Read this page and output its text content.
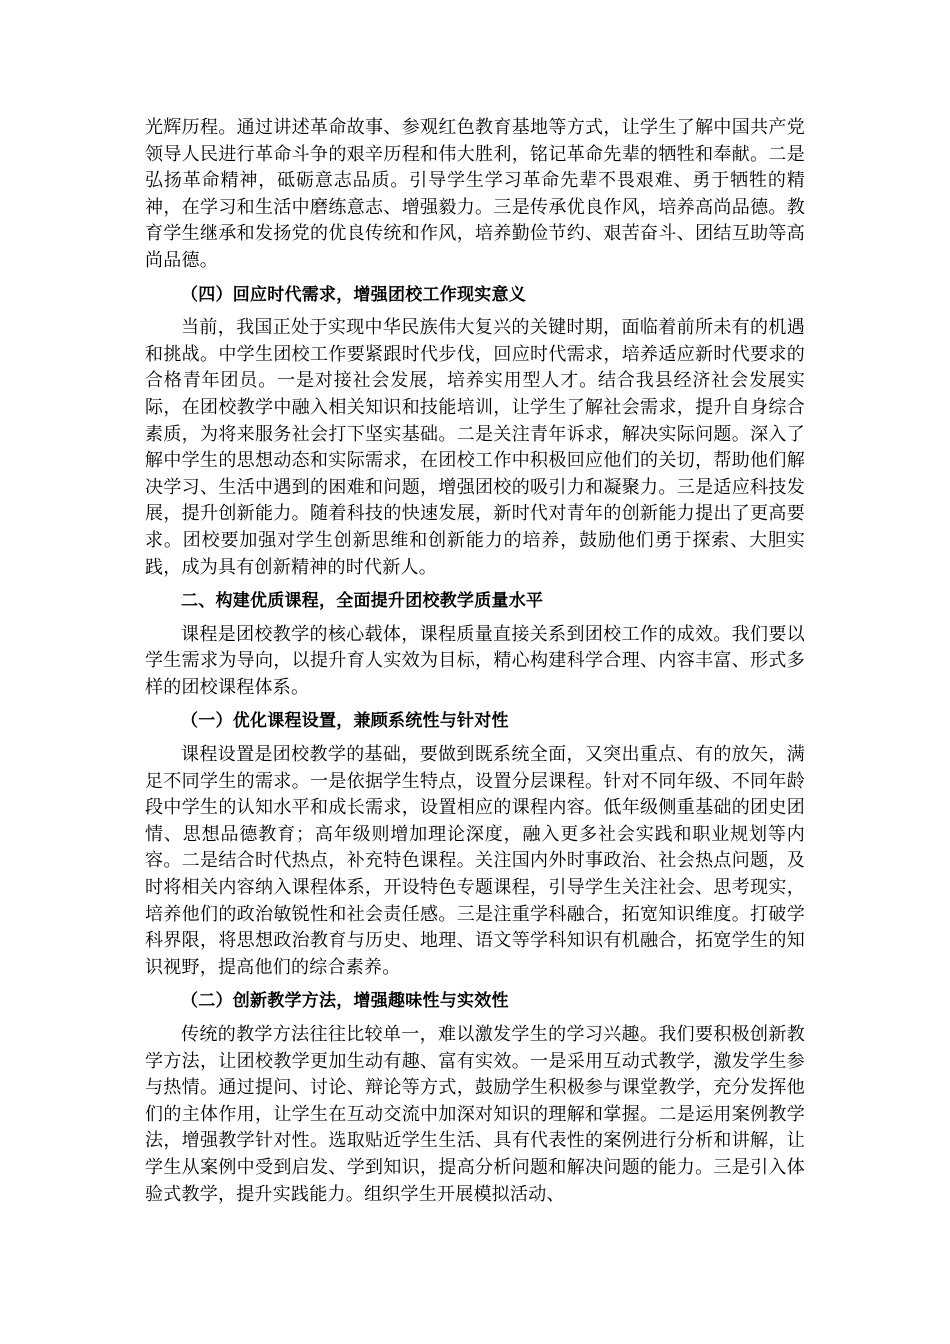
光辉历程。通过讲述革命故事、参观红色教育基地等方式，让学生了解中国共产党领导人民进行革命斗争的艰辛历程和伟大胜利，铭记革命先辈的牺牲和奉献。二是弘扬革命精神，砥砺意志品质。引导学生学习革命先辈不畏艰难、勇于牺牲的精神，在学习和生活中磨练意志、增强毅力。三是传承优良作风，培养高尚品德。教育学生继承和发扬党的优良传统和作风，培养勤俭节约、艰苦奋斗、团结互助等高尚品德。

（四）回应时代需求，增强团校工作现实意义

当前，我国正处于实现中华民族伟大复兴的关键时期，面临着前所未有的机遇和挑战。中学生团校工作要紧跟时代步伐，回应时代需求，培养适应新时代要求的合格青年团员。一是对接社会发展，培养实用型人才。结合我县经济社会发展实际，在团校教学中融入相关知识和技能培训，让学生了解社会需求，提升自身综合素质，为将来服务社会打下坚实基础。二是关注青年诉求，解决实际问题。深入了解中学生的思想动态和实际需求，在团校工作中积极回应他们的关切，帮助他们解决学习、生活中遇到的困难和问题，增强团校的吸引力和凝聚力。三是适应科技发展，提升创新能力。随着科技的快速发展，新时代对青年的创新能力提出了更高要求。团校要加强对学生创新思维和创新能力的培养，鼓励他们勇于探索、大胆实践，成为具有创新精神的时代新人。

二、构建优质课程，全面提升团校教学质量水平

课程是团校教学的核心载体，课程质量直接关系到团校工作的成效。我们要以学生需求为导向，以提升育人实效为目标，精心构建科学合理、内容丰富、形式多样的团校课程体系。

（一）优化课程设置，兼顾系统性与针对性

课程设置是团校教学的基础，要做到既系统全面，又突出重点、有的放矢，满足不同学生的需求。一是依据学生特点，设置分层课程。针对不同年级、不同年龄段中学生的认知水平和成长需求，设置相应的课程内容。低年级侧重基础的团史团情、思想品德教育；高年级则增加理论深度，融入更多社会实践和职业规划等内容。二是结合时代热点，补充特色课程。关注国内外时事政治、社会热点问题，及时将相关内容纳入课程体系，开设特色专题课程，引导学生关注社会、思考现实，培养他们的政治敏锐性和社会责任感。三是注重学科融合，拓宽知识维度。打破学科界限，将思想政治教育与历史、地理、语文等学科知识有机融合，拓宽学生的知识视野，提高他们的综合素养。

（二）创新教学方法，增强趣味性与实效性

传统的教学方法往往比较单一，难以激发学生的学习兴趣。我们要积极创新教学方法，让团校教学更加生动有趣、富有实效。一是采用互动式教学，激发学生参与热情。通过提问、讨论、辩论等方式，鼓励学生积极参与课堂教学，充分发挥他们的主体作用，让学生在互动交流中加深对知识的理解和掌握。二是运用案例教学法，增强教学针对性。选取贴近学生生活、具有代表性的案例进行分析和讲解，让学生从案例中受到启发、学到知识，提高分析问题和解决问题的能力。三是引入体验式教学，提升实践能力。组织学生开展模拟活动、
